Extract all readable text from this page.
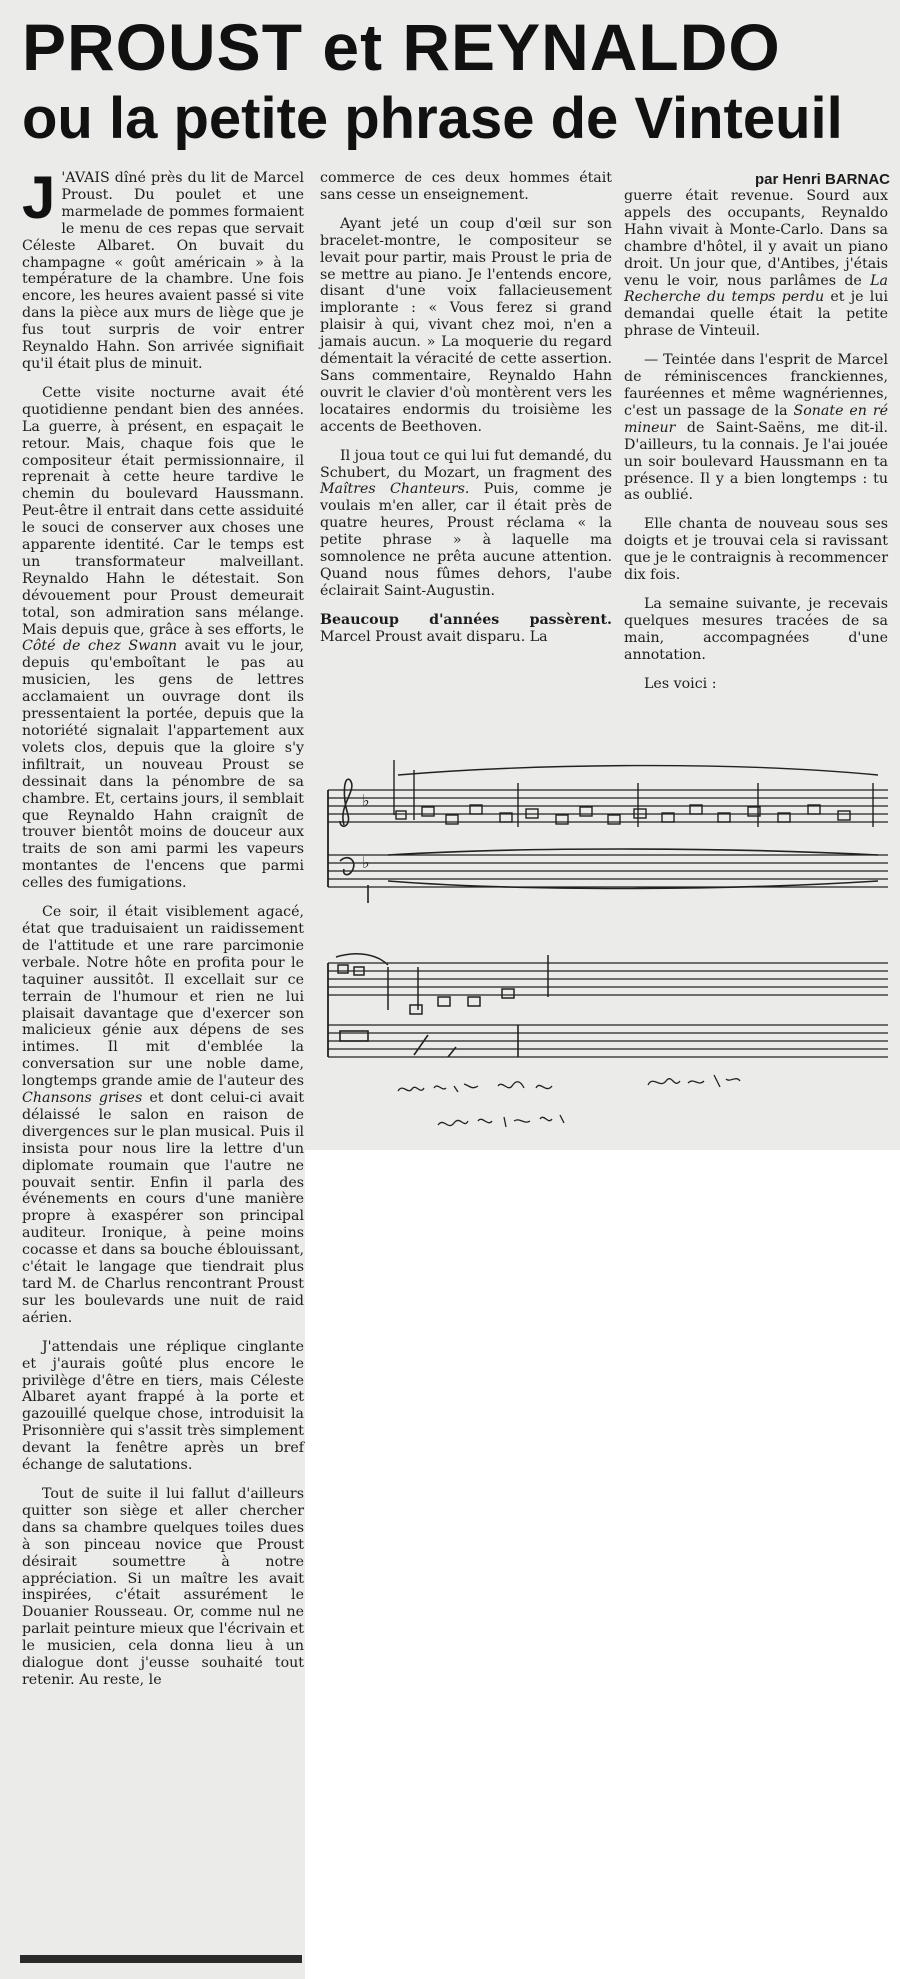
PROUST et REYNALDO
ou la petite phrase de Vinteuil
par Henri BARNAC

J 'AVAIS dîné près du lit de Marcel Proust. Du poulet et une marmelade de pommes formaient le menu de ces repas que servait Céleste Albaret. On buvait du champagne « goût américain » à la température de la chambre. Une fois encore, les heures avaient passé si vite dans la pièce aux murs de liège que je fus tout surpris de voir entrer Reynaldo Hahn. Son arrivée signifiait qu'il était plus de minuit.

Cette visite nocturne avait été quotidienne pendant bien des années. La guerre, à présent, en espaçait le retour. Mais, chaque fois que le compositeur était permissionnaire, il reprenait à cette heure tardive le chemin du boulevard Haussmann. Peut-être il entrait dans cette assiduité le souci de conserver aux choses une apparente identité. Car le temps est un transformateur malveillant. Reynaldo Hahn le détestait. Son dévouement pour Proust demeurait total, son admiration sans mélange. Mais depuis que, grâce à ses efforts, le Côté de chez Swann avait vu le jour, depuis qu'emboîtant le pas au musicien, les gens de lettres acclamaient un ouvrage dont ils pressentaient la portée, depuis que la notoriété signalait l'appartement aux volets clos, depuis que la gloire s'y infiltrait, un nouveau Proust se dessinait dans la pénombre de sa chambre. Et, certains jours, il semblait que Reynaldo Hahn craignît de trouver bientôt moins de douceur aux traits de son ami parmi les vapeurs montantes de l'encens que parmi celles des fumigations.

Ce soir, il était visiblement agacé, état que traduisaient un raidissement de l'attitude et une rare parcimonie verbale. Notre hôte en profita pour le taquiner aussitôt. Il excellait sur ce terrain de l'humour et rien ne lui plaisait davantage que d'exercer son malicieux génie aux dépens de ses intimes. Il mit d'emblée la conversation sur une noble dame, longtemps grande amie de l'auteur des Chansons grises et dont celui-ci avait délaissé le salon en raison de divergences sur le plan musical. Puis il insista pour nous lire la lettre d'un diplomate roumain que l'autre ne pouvait sentir. Enfin il parla des événements en cours d'une manière propre à exaspérer son principal auditeur. Ironique, à peine moins cocasse et dans sa bouche éblouissant, c'était le langage que tiendrait plus tard M. de Charlus rencontrant Proust sur les boulevards une nuit de raid aérien.

J'attendais une réplique cinglante et j'aurais goûté plus encore le privilège d'être en tiers, mais Céleste Albaret ayant frappé à la porte et gazouillé quelque chose, introduisit la Prisonnière qui s'assit très simplement devant la fenêtre après un bref échange de salutations.

Tout de suite il lui fallut d'ailleurs quitter son siège et aller chercher dans sa chambre quelques toiles dues à son pinceau novice que Proust désirait soumettre à notre appréciation. Si un maître les avait inspirées, c'était assurément le Douanier Rousseau. Or, comme nul ne parlait peinture mieux que l'écrivain et le musicien, cela donna lieu à un dialogue dont j'eusse souhaité tout retenir. Au reste, le

commerce de ces deux hommes était sans cesse un enseignement.

Ayant jeté un coup d'œil sur son bracelet-montre, le compositeur se levait pour partir, mais Proust le pria de se mettre au piano. Je l'entends encore, disant d'une voix fallacieusement implorante : « Vous ferez si grand plaisir à qui, vivant chez moi, n'en a jamais aucun. » La moquerie du regard démentait la véracité de cette assertion. Sans commentaire, Reynaldo Hahn ouvrit le clavier d'où montèrent vers les locataires endormis du troisième les accents de Beethoven.

Il joua tout ce qui lui fut demandé, du Schubert, du Mozart, un fragment des Maîtres Chanteurs. Puis, comme je voulais m'en aller, car il était près de quatre heures, Proust réclama « la petite phrase » à laquelle ma somnolence ne prêta aucune attention. Quand nous fûmes dehors, l'aube éclairait Saint-Augustin.

Beaucoup d'années passèrent. Marcel Proust avait disparu. La

guerre était revenue. Sourd aux appels des occupants, Reynaldo Hahn vivait à Monte-Carlo. Dans sa chambre d'hôtel, il y avait un piano droit. Un jour que, d'Antibes, j'étais venu le voir, nous parlâmes de La Recherche du temps perdu et je lui demandai quelle était la petite phrase de Vinteuil.

— Teintée dans l'esprit de Marcel de réminiscences franckiennes, fauréennes et même wagnériennes, c'est un passage de la Sonate en ré mineur de Saint-Saëns, me dit-il. D'ailleurs, tu la connais. Je l'ai jouée un soir boulevard Haussmann en ta présence. Il y a bien longtemps : tu as oublié.

Elle chanta de nouveau sous ses doigts et je trouvai cela si ravissant que je le contraignis à recommencer dix fois.

La semaine suivante, je recevais quelques mesures tracées de sa main, accompagnées d'une annotation.

Les voici :

♭
♭
